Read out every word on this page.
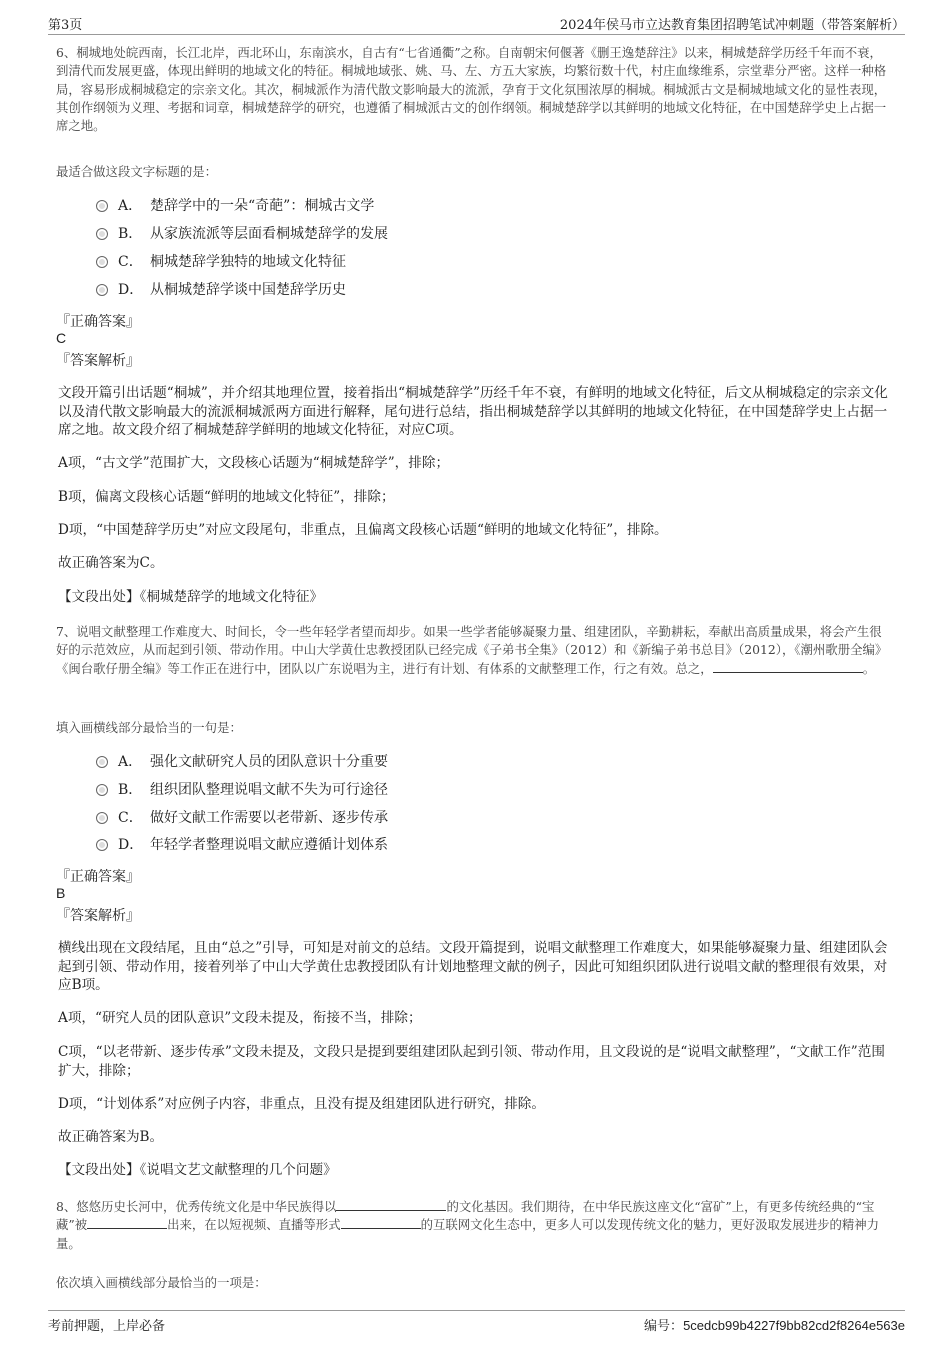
第3页	2024年侯马市立达教育集团招聘笔试冲刺题（带答案解析）
6、桐城地处皖西南，长江北岸，西北环山，东南滨水，自古有“七省通衢”之称。自南朝宋何偃著《删王逸楚辞注》以来，桐城楚辞学历经千年而不衰，到清代而发展更盛，体现出鲜明的地域文化的特征。桐城地域张、姚、马、左、方五大家族，均繁衍数十代，村庄血缘维系，宗堂辈分严密。这样一种格局，容易形成桐城稳定的宗亲文化。其次，桐城派作为清代散文影响最大的流派，孕育于文化氛围浓厚的桐城。桐城派古文是桐城地域文化的显性表现，其创作纲领为义理、考据和词章，桐城楚辞学的研究，也遵循了桐城派古文的创作纲领。桐城楚辞学以其鲜明的地域文化特征，在中国楚辞学史上占据一席之地。
最适合做这段文字标题的是：
A． 楚辞学中的一朵“奇葩”：桐城古文学
B． 从家族流派等层面看桐城楚辞学的发展
C． 桐城楚辞学独特的地域文化特征
D． 从桐城楚辞学谈中国楚辞学历史
『正确答案』
C
『答案解析』
文段开篇引出话题“桐城”，并介绍其地理位置，接着指出“桐城楚辞学”历经千年不衰，有鲜明的地域文化特征，后文从桐城稳定的宗亲文化以及清代散文影响最大的流派桐城派两方面进行解释，尾句进行总结，指出桐城楚辞学以其鲜明的地域文化特征，在中国楚辞学史上占据一席之地。故文段介绍了桐城楚辞学鲜明的地域文化特征，对应C项。
A项，“古文学”范围扩大，文段核心话题为“桐城楚辞学”，排除；
B项，偏离文段核心话题“鲜明的地域文化特征”，排除；
D项，“中国楚辞学历史”对应文段尾句，非重点，且偏离文段核心话题“鲜明的地域文化特征”，排除。
故正确答案为C。
【文段出处】《桐城楚辞学的地域文化特征》
7、说唱文献整理工作难度大、时间长，令一些年轻学者望而却步。如果一些学者能够凝聚力量、组建团队，辛勤耕耘，奉献出高质量成果，将会产生很好的示范效应，从而起到引领、带动作用。中山大学黄仕忠教授团队已经完成《子弟书全集》（2012）和《新编子弟书总目》（2012），《潮州歌册全编》《闽台歌仔册全编》等工作正在进行中，团队以广东说唱为主，进行有计划、有体系的文献整理工作，行之有效。总之，	。
填入画横线部分最恰当的一句是：
A． 强化文献研究人员的团队意识十分重要
B． 组织团队整理说唱文献不失为可行途径
C． 做好文献工作需要以老带新、逐步传承
D． 年轻学者整理说唱文献应遵循计划体系
『正确答案』
B
『答案解析』
横线出现在文段结尾，且由“总之”引导，可知是对前文的总结。文段开篇提到，说唱文献整理工作难度大，如果能够凝聚力量、组建团队会起到引领、带动作用，接着列举了中山大学黄仕忠教授团队有计划地整理文献的例子，因此可知组织团队进行说唱文献的整理很有效果，对应B项。
A项，“研究人员的团队意识”文段未提及，衔接不当，排除；
C项，“以老带新、逐步传承”文段未提及，文段只是提到要组建团队起到引领、带动作用，且文段说的是“说唱文献整理”，“文献工作”范围扩大，排除；
D项，“计划体系”对应例子内容，非重点，且没有提及组建团队进行研究，排除。
故正确答案为B。
【文段出处】《说唱文艺文献整理的几个问题》
8、悠悠历史长河中，优秀传统文化是中华民族得以	的文化基因。我们期待，在中华民族这座文化“富矿”上，有更多传统经典的“宝藏”被	出来，在以短视频、直播等形式	的互联网文化生态中，更多人可以发现传统文化的魅力，更好汲取发展进步的精神力量。
依次填入画横线部分最恰当的一项是：
考前押题，上岸必备	编号：5cedcb99b4227f9bb82cd2f8264e563e
